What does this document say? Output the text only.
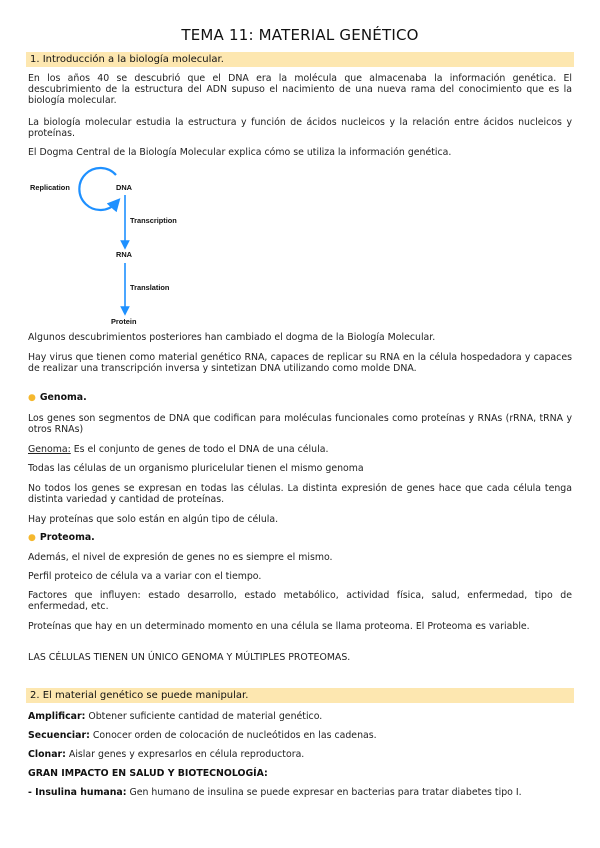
TEMA 11: MATERIAL GENÉTICO
1. Introducción a la biología molecular.
En los años 40 se descubrió que el DNA era la molécula que almacenaba la información genética. El descubrimiento de la estructura del ADN supuso el nacimiento de una nueva rama del conocimiento que es la biología molecular.
La biología molecular estudia la estructura y función de ácidos nucleicos y la relación entre ácidos nucleicos y proteínas.
El Dogma Central de la Biología Molecular explica cómo se utiliza la información genética.
Replication	DNA
Transcription
RNA
Translation
Protein
Algunos descubrimientos posteriores han cambiado el dogma de la Biología Molecular.
Hay virus que tienen como material genético RNA, capaces de replicar su RNA en la célula hospedadora y capaces de realizar una transcripción inversa y sintetizan DNA utilizando como molde DNA.
● Genoma.
Los genes son segmentos de DNA que codifican para moléculas funcionales como proteínas y RNAs (rRNA, tRNA y otros RNAs)
Genoma: Es el conjunto de genes de todo el DNA de una célula.
Todas las células de un organismo pluricelular tienen el mismo genoma
No todos los genes se expresan en todas las células. La distinta expresión de genes hace que cada célula tenga distinta variedad y cantidad de proteínas.
Hay proteínas que solo están en algún tipo de célula.
● Proteoma.
Además, el nivel de expresión de genes no es siempre el mismo.
Perfil proteico de célula va a variar con el tiempo.
Factores que influyen: estado desarrollo, estado metabólico, actividad física, salud, enfermedad, tipo de enfermedad, etc.
Proteínas que hay en un determinado momento en una célula se llama proteoma. El Proteoma es variable.
LAS CÉLULAS TIENEN UN ÚNICO GENOMA Y MÚLTIPLES PROTEOMAS.
2. El material genético se puede manipular.
Amplificar: Obtener suficiente cantidad de material genético.
Secuenciar: Conocer orden de colocación de nucleótidos en las cadenas.
Clonar: Aislar genes y expresarlos en célula reproductora.
GRAN IMPACTO EN SALUD Y BIOTECNOLOGÍA:
- Insulina humana: Gen humano de insulina se puede expresar en bacterias para tratar diabetes tipo I.
